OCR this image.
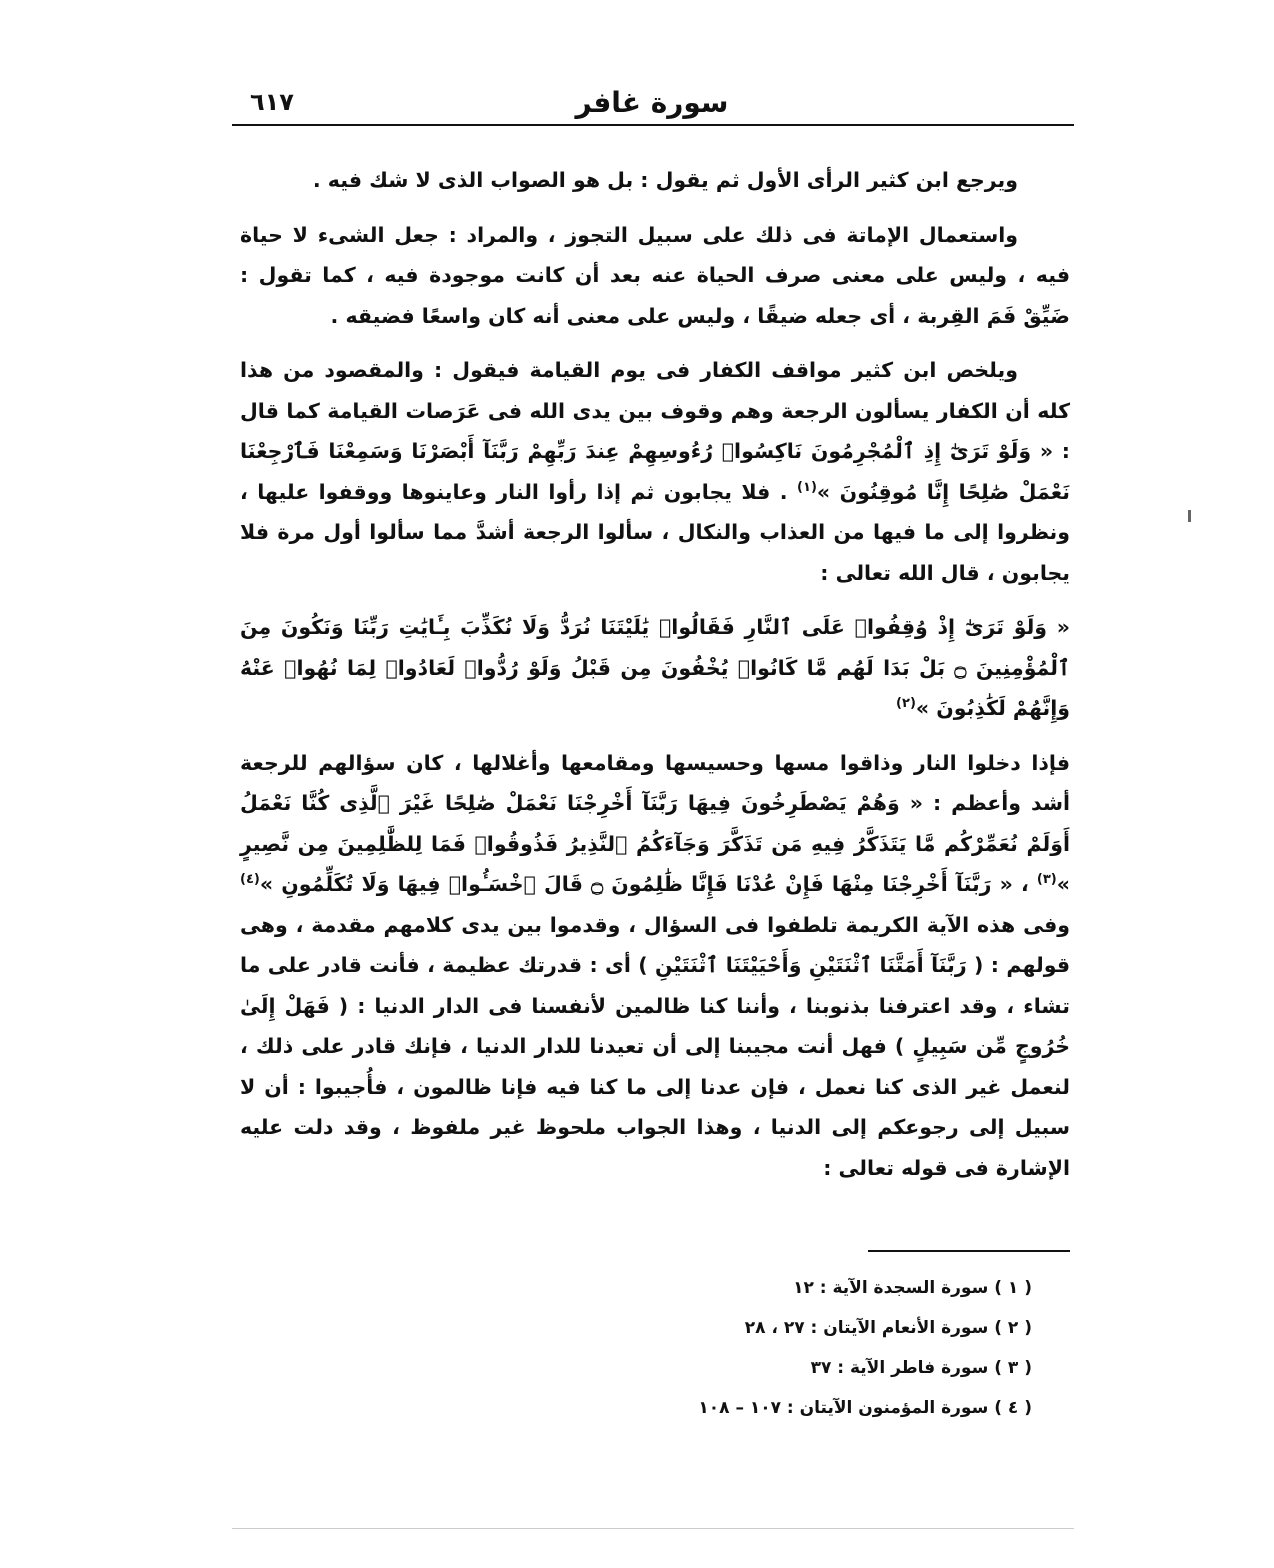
٦١٧	سورة غافر

ويرجع ابن كثير الرأى الأول ثم يقول : بل هو الصواب الذى لا شك فيه .

واستعمال الإماتة فى ذلك على سبيل التجوز ، والمراد : جعل الشىء لا حياة فيه ، وليس على معنى صرف الحياة عنه بعد أن كانت موجودة فيه ، كما تقول : ضَيِّقْ فَمَ القِربة ، أى جعله ضيقًا ، وليس على معنى أنه كان واسعًا فضيقه .

ويلخص ابن كثير مواقف الكفار فى يوم القيامة فيقول : والمقصود من هذا كله أن الكفار يسألون الرجعة وهم وقوف بين يدى الله فى عَرَصات القيامة كما قال : « وَلَوْ تَرَىٰٓ إِذِ ٱلْمُجْرِمُونَ نَاكِسُوا۟ رُءُوسِهِمْ عِندَ رَبِّهِمْ رَبَّنَآ أَبْصَرْنَا وَسَمِعْنَا فَٱرْجِعْنَا نَعْمَلْ صَٰلِحًا إِنَّا مُوقِنُونَ »$^{(١)}$ . فلا يجابون ثم إذا رأوا النار وعاينوها ووقفوا عليها ، ونظروا إلى ما فيها من العذاب والنكال ، سألوا الرجعة أشدَّ مما سألوا أول مرة فلا يجابون ، قال الله تعالى :

« وَلَوْ تَرَىٰٓ إِذْ وُقِفُوا۟ عَلَى ٱلنَّارِ فَقَالُوا۟ يَٰلَيْتَنَا نُرَدُّ وَلَا نُكَذِّبَ بِـَٔايَٰتِ رَبِّنَا وَنَكُونَ مِنَ ٱلْمُؤْمِنِينَ ۝ بَلْ بَدَا لَهُم مَّا كَانُوا۟ يُخْفُونَ مِن قَبْلُ وَلَوْ رُدُّوا۟ لَعَادُوا۟ لِمَا نُهُوا۟ عَنْهُ وَإِنَّهُمْ لَكَٰذِبُونَ »$^{(٢)}$

فإذا دخلوا النار وذاقوا مسها وحسيسها ومقامعها وأغلالها ، كان سؤالهم للرجعة أشد وأعظم : « وَهُمْ يَصْطَرِخُونَ فِيهَا رَبَّنَآ أَخْرِجْنَا نَعْمَلْ صَٰلِحًا غَيْرَ ٱلَّذِى كُنَّا نَعْمَلُ أَوَلَمْ نُعَمِّرْكُم مَّا يَتَذَكَّرُ فِيهِ مَن تَذَكَّرَ وَجَآءَكُمُ ٱلنَّذِيرُ فَذُوقُوا۟ فَمَا لِلظَّٰلِمِينَ مِن نَّصِيرٍ »$^{(٣)}$ ، « رَبَّنَآ أَخْرِجْنَا مِنْهَا فَإِنْ عُدْنَا فَإِنَّا ظَٰلِمُونَ ۝ قَالَ ٱخْسَـُٔوا۟ فِيهَا وَلَا تُكَلِّمُونِ »$^{(٤)}$ وفى هذه الآية الكريمة تلطفوا فى السؤال ، وقدموا بين يدى كلامهم مقدمة ، وهى قولهم : ( رَبَّنَآ أَمَتَّنَا ٱثْنَتَيْنِ وَأَحْيَيْتَنَا ٱثْنَتَيْنِ ) أى : قدرتك عظيمة ، فأنت قادر على ما تشاء ، وقد اعترفنا بذنوبنا ، وأننا كنا ظالمين لأنفسنا فى الدار الدنيا : ( فَهَلْ إِلَىٰ خُرُوجٍ مِّن سَبِيلٍ ) فهل أنت مجيبنا إلى أن تعيدنا للدار الدنيا ، فإنك قادر على ذلك ، لنعمل غير الذى كنا نعمل ، فإن عدنا إلى ما كنا فيه فإنا ظالمون ، فأُجيبوا : أن لا سبيل إلى رجوعكم إلى الدنيا ، وهذا الجواب ملحوظ غير ملفوظ ، وقد دلت عليه الإشارة فى قوله تعالى :

( ١ ) سورة السجدة الآية : ١٢
( ٢ ) سورة الأنعام الآيتان : ٢٧ ، ٢٨
( ٣ ) سورة فاطر الآية : ٣٧
( ٤ ) سورة المؤمنون الآيتان : ١٠٧ – ١٠٨
